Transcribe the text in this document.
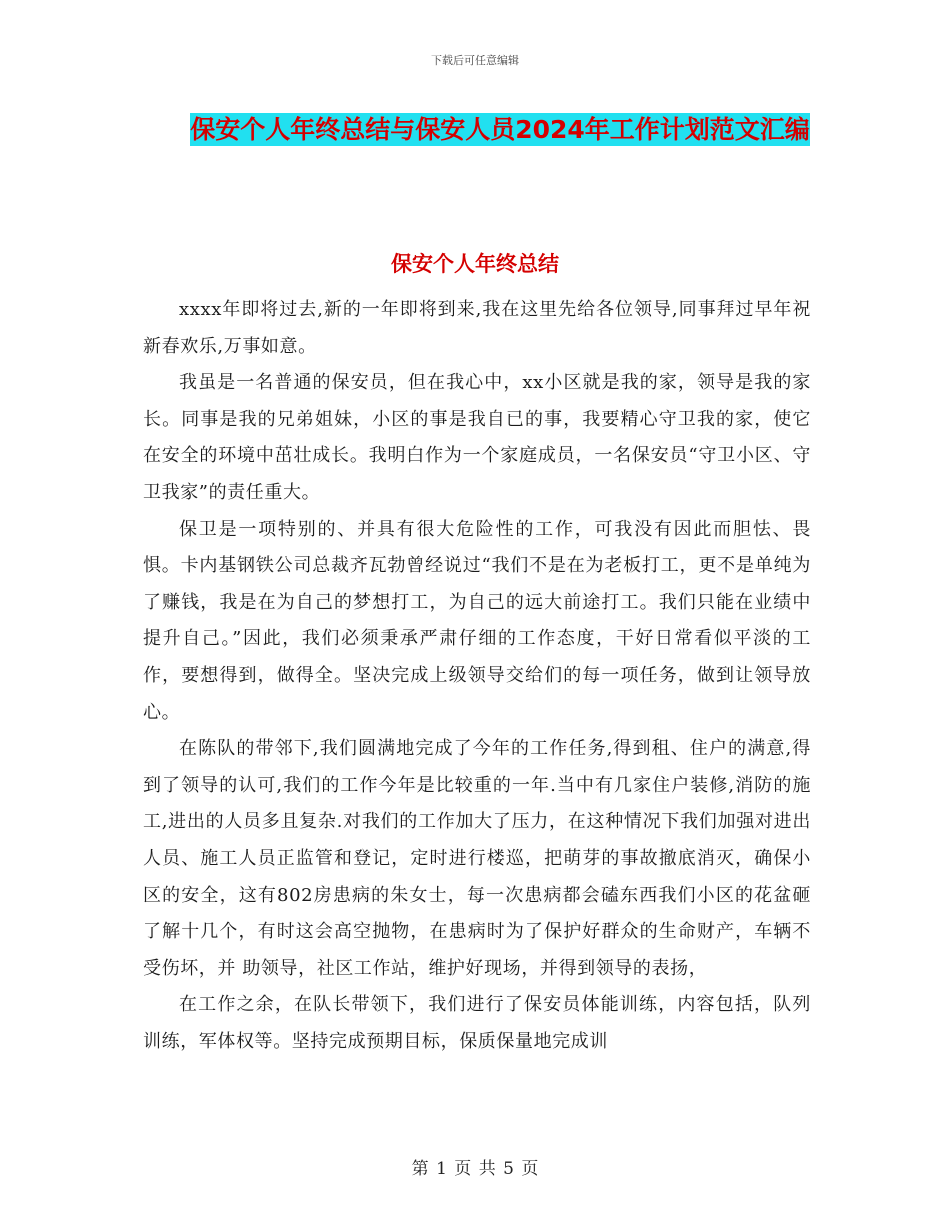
下载后可任意编辑
保安个人年终总结与保安人员2024年工作计划范文汇编
保安个人年终总结

xxxx年即将过去,新的一年即将到来,我在这里先给各位领导,同事拜过早年祝新春欢乐,万事如意。

我虽是一名普通的保安员，但在我心中，xx小区就是我的家，领导是我的家长。同事是我的兄弟姐妹，小区的事是我自已的事，我要精心守卫我的家，使它在安全的环境中茁壮成长。我明白作为一个家庭成员，一名保安员“守卫小区、守卫我家”的责任重大。

保卫是一项特别的、并具有很大危险性的工作，可我没有因此而胆怯、畏惧。卡内基钢铁公司总裁齐瓦勃曾经说过“我们不是在为老板打工，更不是单纯为了赚钱，我是在为自己的梦想打工，为自己的远大前途打工。我们只能在业绩中提升自己。”因此，我们必须秉承严肃仔细的工作态度，干好日常看似平淡的工作，要想得到，做得全。坚决完成上级领导交给们的每一项任务，做到让领导放心。

在陈队的带邻下,我们圆满地完成了今年的工作任务,得到租、住户的满意,得到了领导的认可,我们的工作今年是比较重的一年.当中有几家住户装修,消防的施工,进出的人员多且复杂.对我们的工作加大了压力，在这种情况下我们加强对进出人员、施工人员正监管和登记，定时进行楼巡，把萌芽的事故撤底消灭，确保小区的安全，这有802房患病的朱女士，每一次患病都会磕东西我们小区的花盆砸了解十几个，有时这会高空抛物，在患病时为了保护好群众的生命财产，车辆不受伤坏，并 助领导，社区工作站，维护好现场，并得到领导的表扬，

在工作之余，在队长带领下，我们进行了保安员体能训练，内容包括，队列训练，军体权等。坚持完成预期目标，保质保量地完成训

第 1 页 共 5 页
